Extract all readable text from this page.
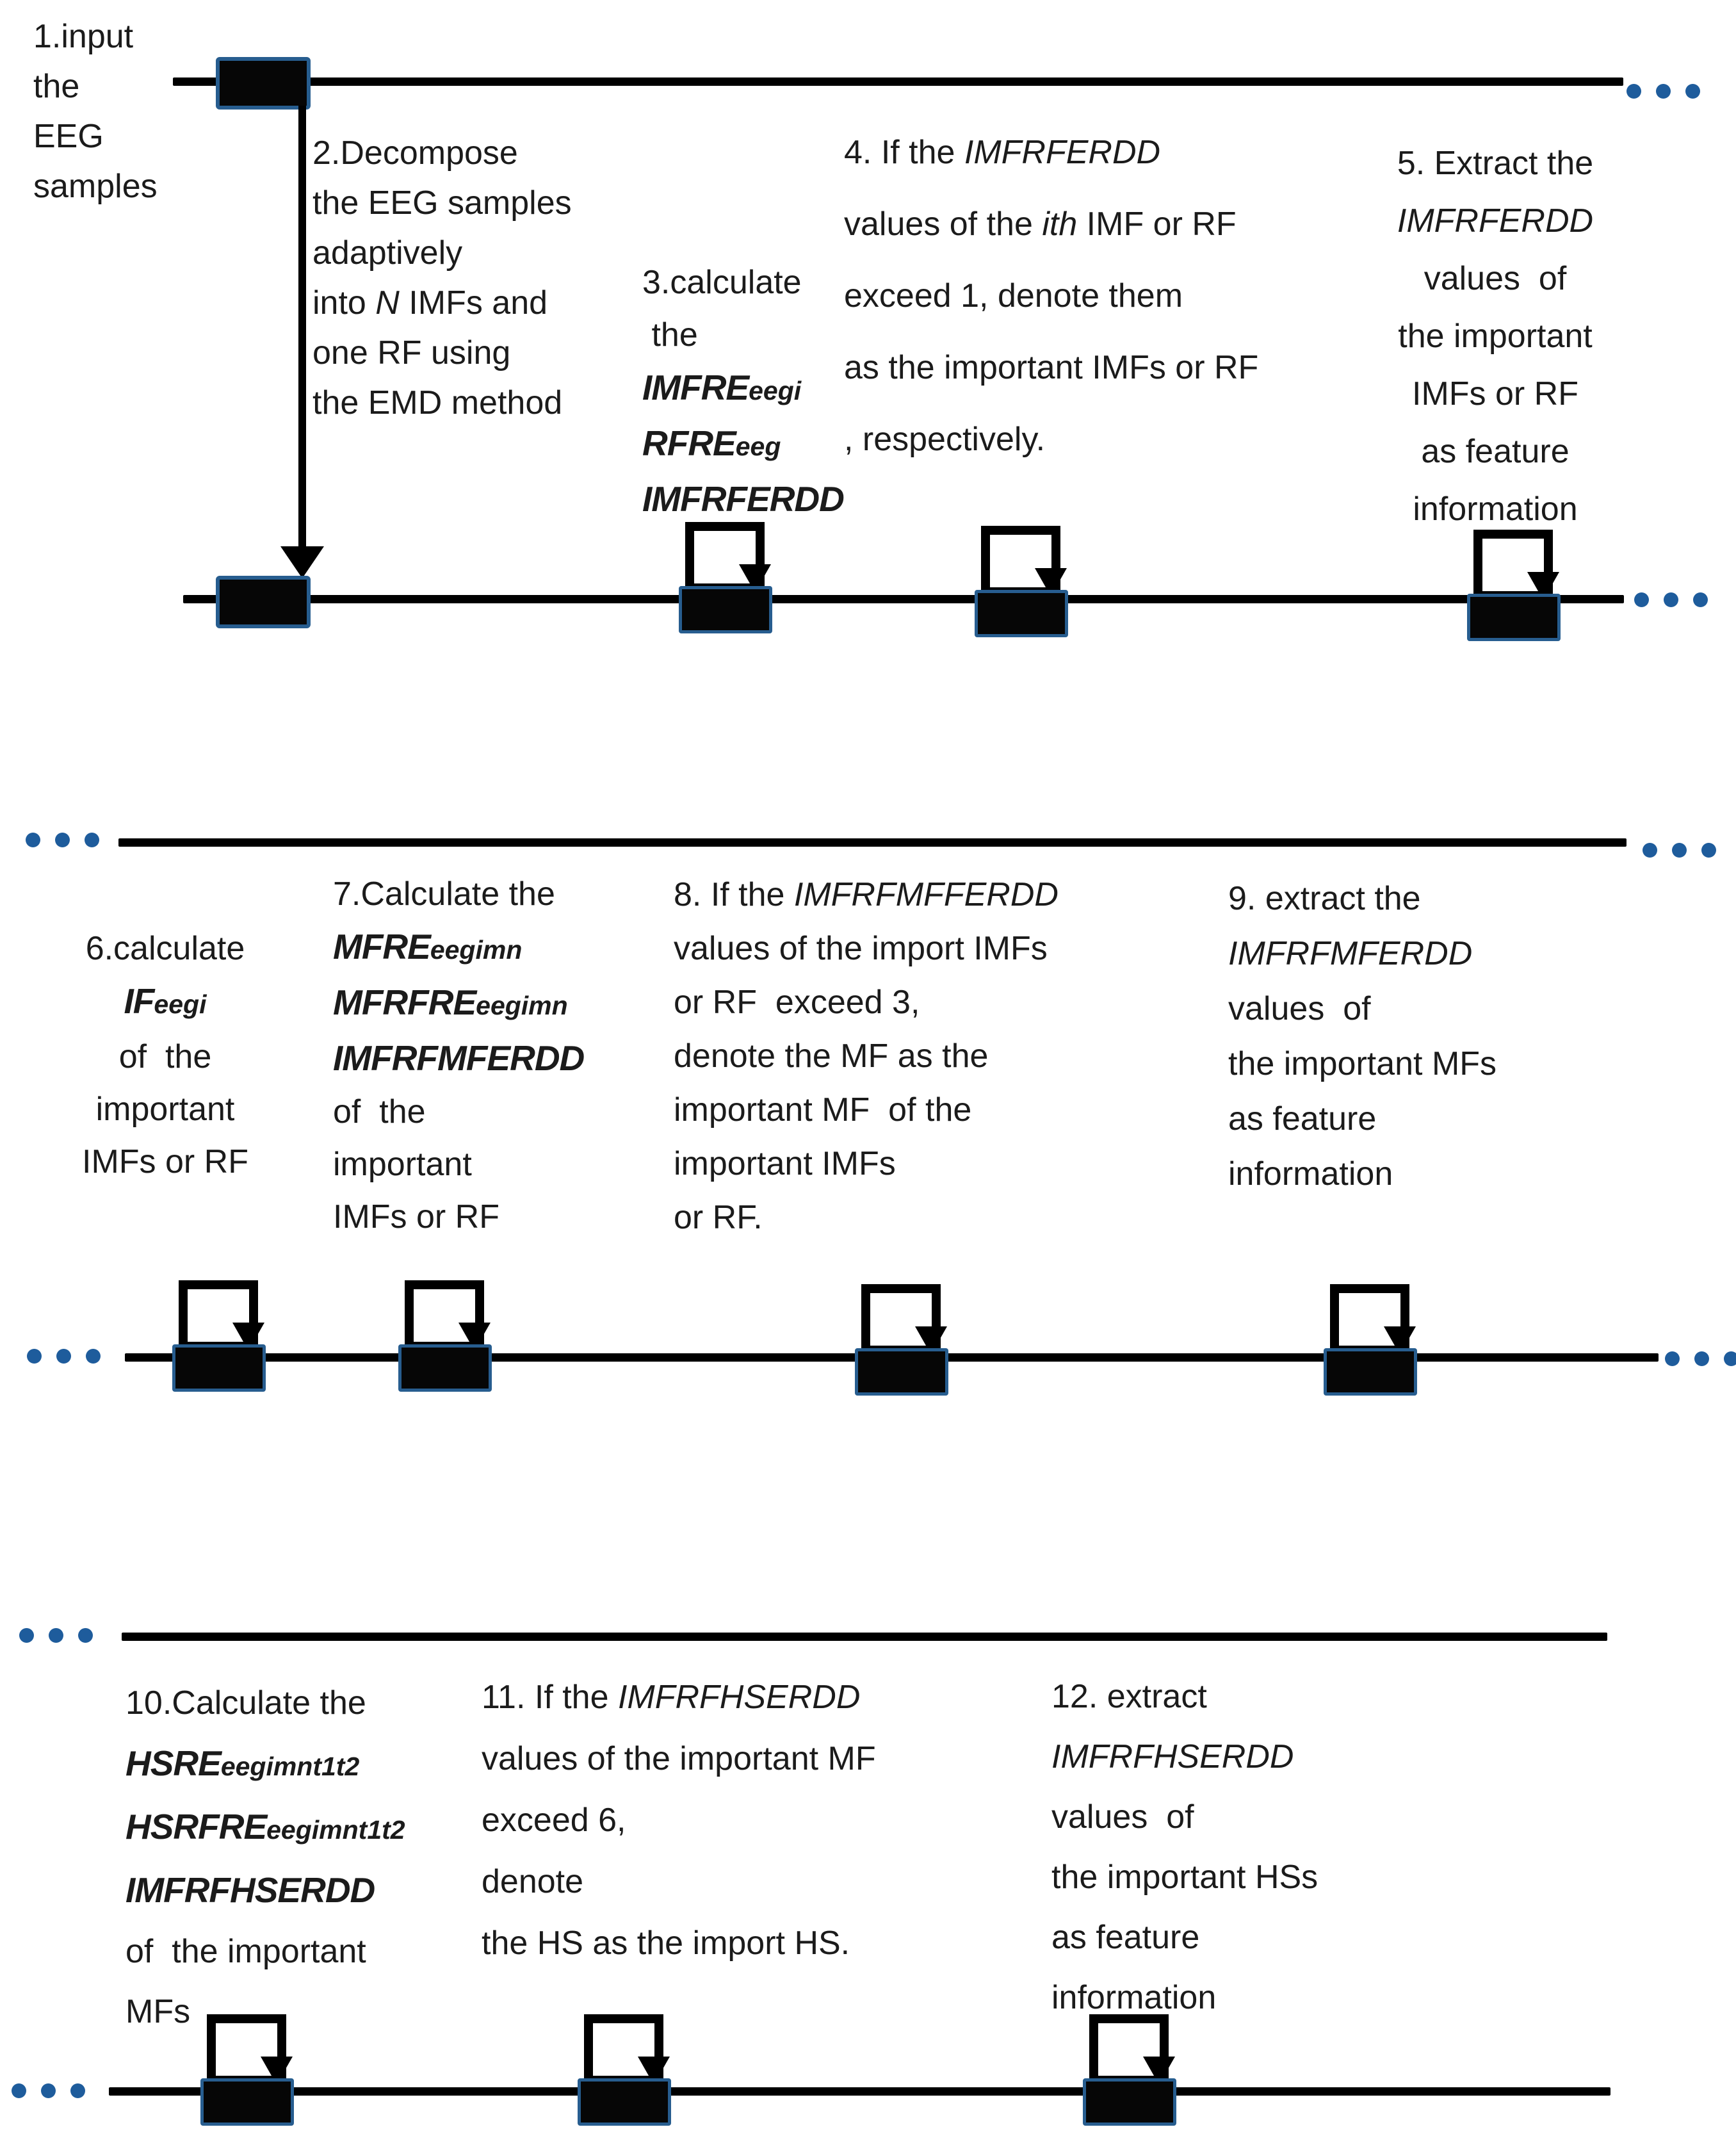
1.input
the
EEG
samples
2.Decompose
the EEG samples
adaptively
into N IMFs and
one RF using
the EMD method
3.calculate
the
IMFREeegi
RFREeeg
IMFRFERDD
4. If the IMFRFERDD
values of the ith IMF or RF
exceed 1, denote them
as the important IMFs or RF
, respectively.
5. Extract the
IMFRFERDD
values  of
the important
IMFs or RF
as feature
information
6.calculate
IFeegi
of  the
important
IMFs or RF
7.Calculate the
MFREeegimn
MFRFREeegimn
IMFRFMFERDD
of  the
important
IMFs or RF
8. If the IMFRFMFFERDD
values of the import IMFs
or RF  exceed 3,
denote the MF as the
important MF  of the
important IMFs
or RF.
9. extract the
IMFRFMFERDD
values  of
the important MFs
as feature
information
10.Calculate the
HSREeegimnt1t2
HSRFREeegimnt1t2
IMFRFHSERDD
of  the important
MFs
11. If the IMFRFHSERDD
values of the important MF
exceed 6,
denote
the HS as the import HS.
12. extract
IMFRFHSERDD
values  of
the important HSs
as feature
information
